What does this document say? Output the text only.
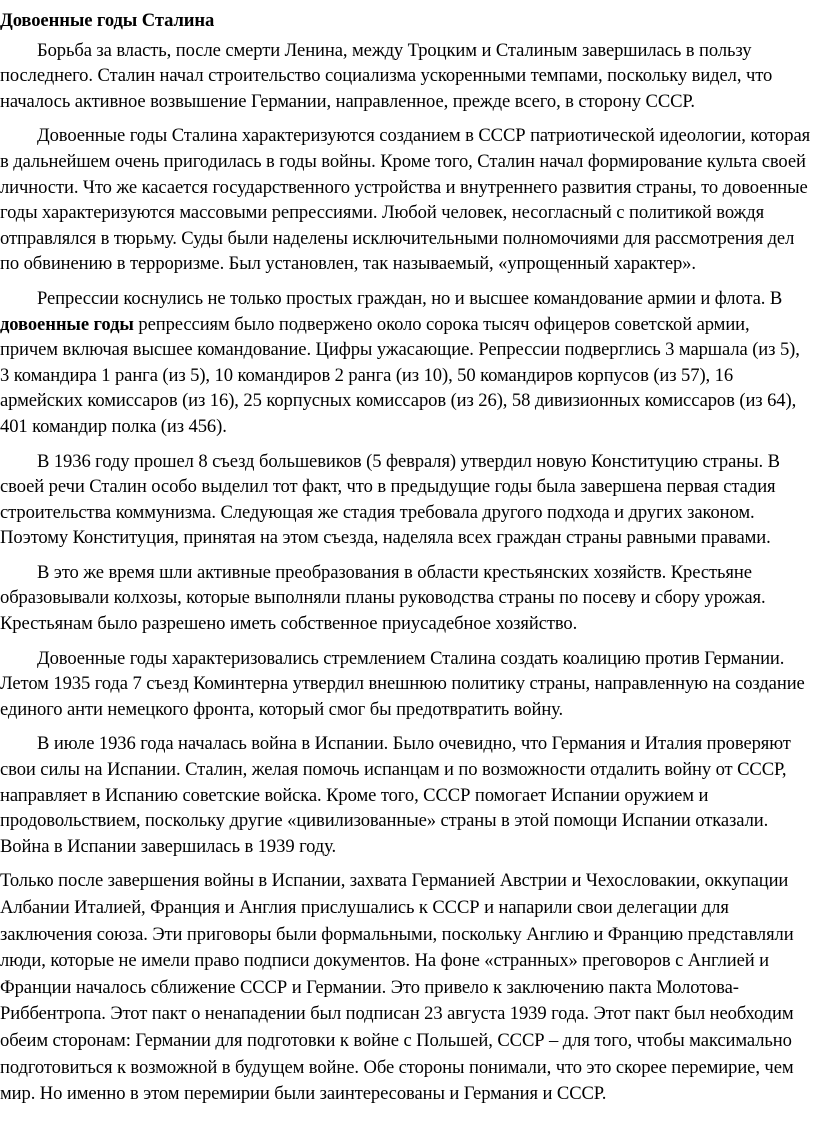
Довоенные годы Сталина

Борьба за власть, после смерти Ленина, между Троцким и Сталиным завершилась в пользу последнего. Сталин начал строительство социализма ускоренными темпами, поскольку видел, что началось активное возвышение Германии, направленное, прежде всего, в сторону СССР.

Довоенные годы Сталина характеризуются созданием в СССР патриотической идеологии, которая в дальнейшем очень пригодилась в годы войны. Кроме того, Сталин начал формирование культа своей личности. Что же касается государственного устройства и внутреннего развития страны, то довоенные годы характеризуются массовыми репрессиями. Любой человек, несогласный с политикой вождя отправлялся в тюрьму. Суды были наделены исключительными полномочиями для рассмотрения дел по обвинению в терроризме. Был установлен, так называемый, «упрощенный характер».

Репрессии коснулись не только простых граждан, но и высшее командование армии и флота. В довоенные годы репрессиям было подвержено около сорока тысяч офицеров советской армии, причем включая высшее командование. Цифры ужасающие. Репрессии подверглись 3 маршала (из 5), 3 командира 1 ранга (из 5), 10 командиров 2 ранга (из 10), 50 командиров корпусов (из 57), 16 армейских комиссаров (из 16), 25 корпусных комиссаров (из 26), 58 дивизионных комиссаров (из 64), 401 командир полка (из 456).

В 1936 году прошел 8 съезд большевиков (5 февраля) утвердил новую Конституцию страны. В своей речи Сталин особо выделил тот факт, что в предыдущие годы была завершена первая стадия строительства коммунизма. Следующая же стадия требовала другого подхода и других законом. Поэтому Конституция, принятая на этом съезда, наделяла всех граждан страны равными правами.

В это же время шли активные преобразования в области крестьянских хозяйств. Крестьяне образовывали колхозы, которые выполняли планы руководства страны по посеву и сбору урожая. Крестьянам было разрешено иметь собственное приусадебное хозяйство.

Довоенные годы характеризовались стремлением Сталина создать коалицию против Германии. Летом 1935 года 7 съезд Коминтерна утвердил внешнюю политику страны, направленную на создание единого анти немецкого фронта, который смог бы предотвратить войну.

В июле 1936 года началась война в Испании. Было очевидно, что Германия и Италия проверяют свои силы на Испании. Сталин, желая помочь испанцам и по возможности отдалить войну от СССР, направляет в Испанию советские войска. Кроме того, СССР помогает Испании оружием и продовольствием, поскольку другие «цивилизованные» страны в этой помощи Испании отказали. Война в Испании завершилась в 1939 году.

Только после завершения войны в Испании, захвата Германией Австрии и Чехословакии, оккупации Албании Италией, Франция и Англия прислушались к СССР и напарили свои делегации для заключения союза. Эти приговоры были формальными, поскольку Англию и Францию представляли люди, которые не имели право подписи документов. На фоне «странных» преговоров с Англией и Франции началось сближение СССР и Германии. Это привело к заключению пакта Молотова-Риббентропа. Этот пакт о ненападении был подписан 23 августа 1939 года. Этот пакт был необходим обеим сторонам: Германии для подготовки к войне с Польшей, СССР – для того, чтобы максимально подготовиться к возможной в будущем войне. Обе стороны понимали, что это скорее перемирие, чем мир. Но именно в этом перемирии были заинтересованы и Германия и СССР.
